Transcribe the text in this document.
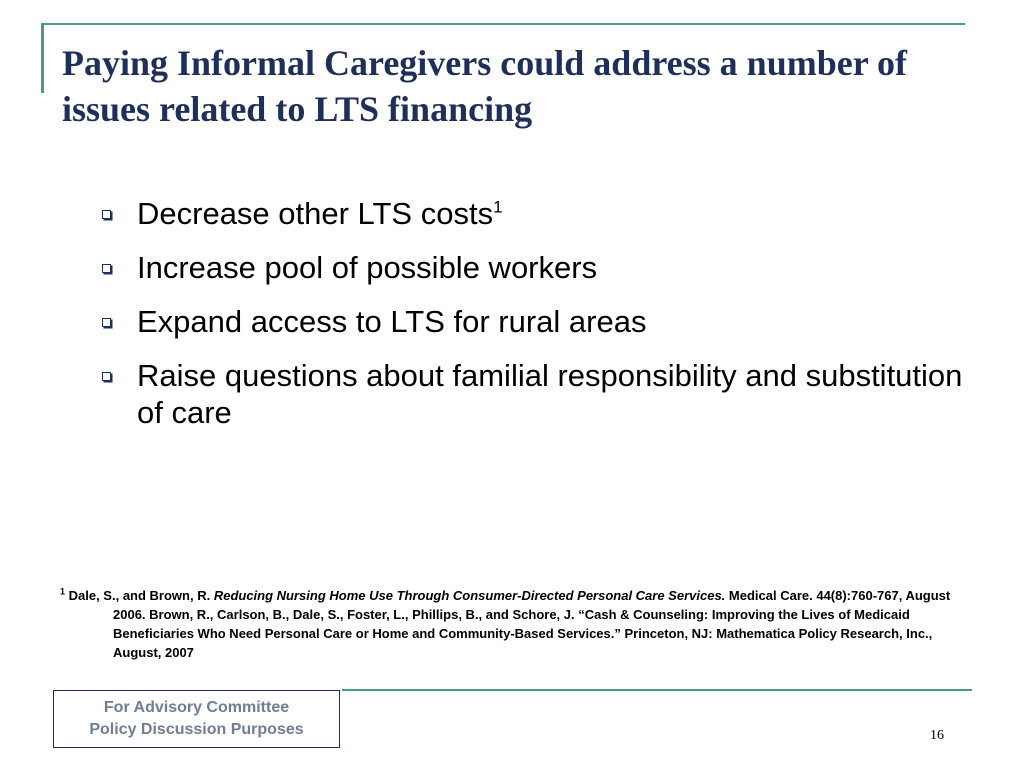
Paying Informal Caregivers could address a number of issues related to LTS financing
Decrease other LTS costs$^1$
Increase pool of possible workers
Expand access to LTS for rural areas
Raise questions about familial responsibility and substitution of care
$^1$ Dale, S., and Brown, R. Reducing Nursing Home Use Through Consumer-Directed Personal Care Services. Medical Care. 44(8):760-767, August 2006. Brown, R., Carlson, B., Dale, S., Foster, L., Phillips, B., and Schore, J. “Cash & Counseling: Improving the Lives of Medicaid Beneficiaries Who Need Personal Care or Home and Community-Based Services.” Princeton, NJ: Mathematica Policy Research, Inc., August, 2007
For Advisory Committee
Policy Discussion Purposes	16
